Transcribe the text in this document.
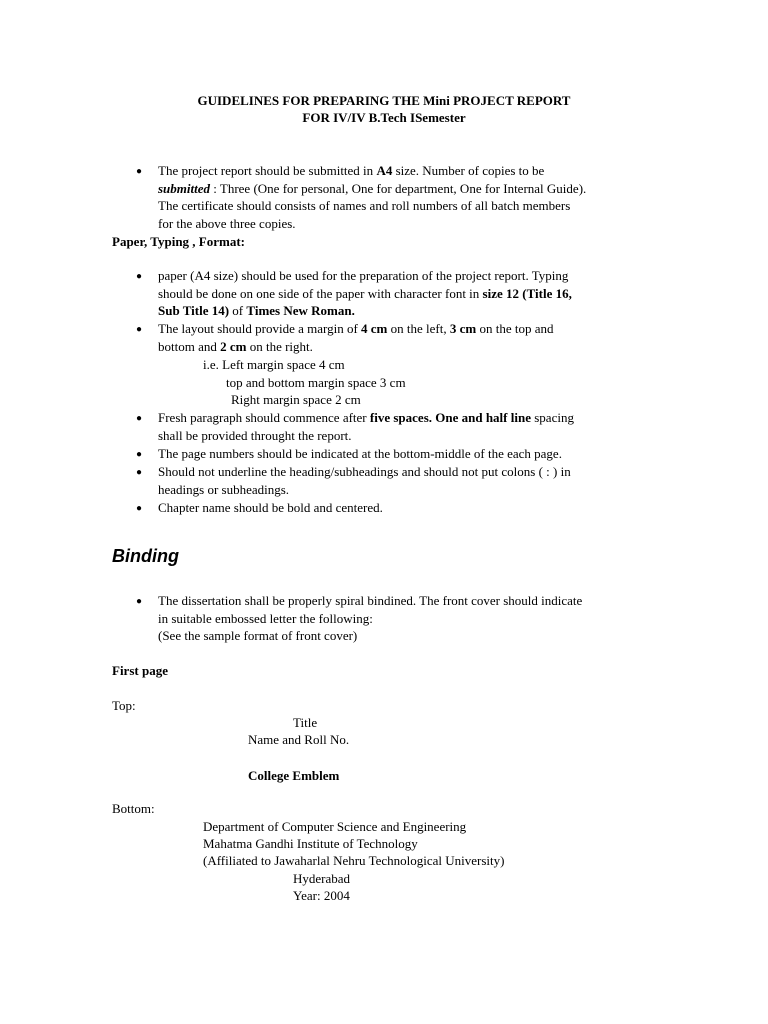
GUIDELINES FOR PREPARING THE Mini PROJECT REPORT
FOR IV/IV B.Tech ISemester
● The project report should be submitted in A4 size. Number of copies to be
submitted : Three (One for personal, One for department, One for Internal Guide).
The certificate should consists of names and roll numbers of all batch members
for the above three copies.
Paper, Typing , Format:
● paper (A4 size) should be used for the preparation of the project report. Typing
should be done on one side of the paper with character font in size 12 (Title 16,
Sub Title 14) of Times New Roman.
● The layout should provide a margin of 4 cm on the left, 3 cm on the top and
bottom and 2 cm on the right.
i.e. Left margin space 4 cm
top and bottom margin space 3 cm
Right margin space 2 cm
● Fresh paragraph should commence after five spaces. One and half line spacing
shall be provided throught the report.
● The page numbers should be indicated at the bottom-middle of the each page.
● Should not underline the heading/subheadings and should not put colons ( : ) in
headings or subheadings.
● Chapter name should be bold and centered.
Binding
● The dissertation shall be properly spiral bindined. The front cover should indicate
in suitable embossed letter the following:
(See the sample format of front cover)
First page
Top:
Title
Name and Roll No.
College Emblem
Bottom:
Department of Computer Science and Engineering
Mahatma Gandhi Institute of Technology
(Affiliated to Jawaharlal Nehru Technological University)
Hyderabad
Year: 2004
